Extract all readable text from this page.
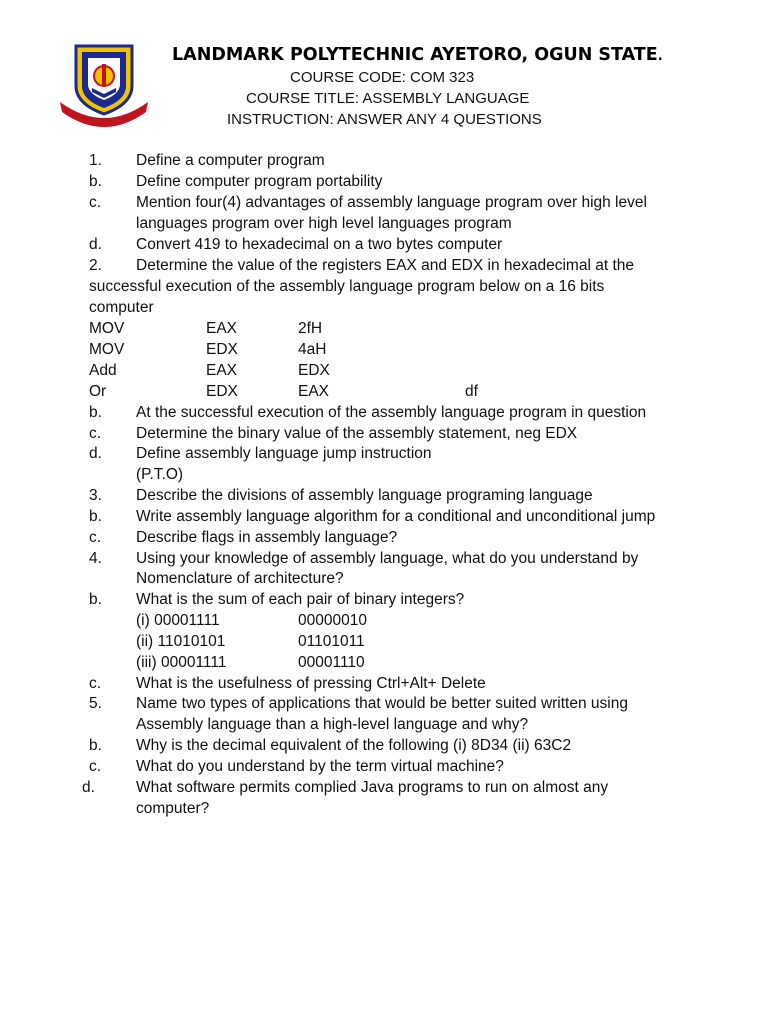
LANDMARK POLYTECHNIC AYETORO, OGUN STATE.
COURSE CODE: COM 323
COURSE TITLE: ASSEMBLY LANGUAGE
INSTRUCTION: ANSWER ANY 4 QUESTIONS
1. Define a computer program
b. Define computer program portability
c. Mention four(4) advantages of assembly language program over high level
languages program over high level languages program
d. Convert 419 to hexadecimal on a two bytes computer
2. Determine the value of the registers EAX and EDX in hexadecimal at the
successful execution of the assembly language program below on a 16 bits
computer
MOV	EAX	2fH
MOV	EDX	4aH
Add	EAX	EDX
Or	EDX	EAX	df
b. At the successful execution of the assembly language program in question
c. Determine the binary value of the assembly statement, neg EDX
d. Define assembly language jump instruction
(P.T.O)
3. Describe the divisions of assembly language programing language
b. Write assembly language algorithm for a conditional and unconditional jump
c. Describe flags in assembly language?
4. Using your knowledge of assembly language, what do you understand by
Nomenclature of architecture?
b. What is the sum of each pair of binary integers?
(i) 00001111	00000010
(ii) 11010101	01101011
(iii) 00001111	00001110
c. What is the usefulness of pressing Ctrl+Alt+ Delete
5. Name two types of applications that would be better suited written using
Assembly language than a high-level language and why?
b. Why is the decimal equivalent of the following (i) 8D34 (ii) 63C2
c. What do you understand by the term virtual machine?
d.	What software permits complied Java programs to run on almost any
computer?
